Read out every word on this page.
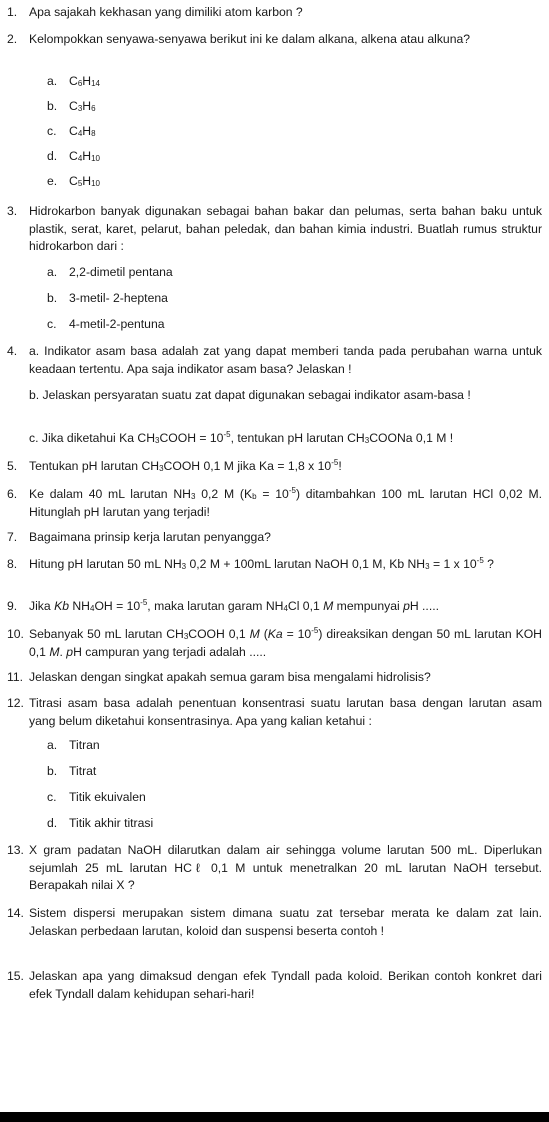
1. Apa sajakah kekhasan yang dimiliki atom karbon ?
2. Kelompokkan senyawa-senyawa berikut ini ke dalam alkana, alkena atau alkuna?
a. $C_6H_{14}$
b. $C_3H_6$
c. $C_4H_8$
d. $C_4H_{10}$
e. $C_5H_{10}$
3. Hidrokarbon banyak digunakan sebagai bahan bakar dan pelumas, serta bahan baku untuk plastik, serat, karet, pelarut, bahan peledak, dan bahan kimia industri. Buatlah rumus struktur hidrokarbon dari :
a. 2,2-dimetil pentana
b. 3-metil- 2-heptena
c. 4-metil-2-pentuna
4. a. Indikator asam basa adalah zat yang dapat memberi tanda pada perubahan warna untuk keadaan tertentu. Apa saja indikator asam basa? Jelaskan !
b. Jelaskan persyaratan suatu zat dapat digunakan sebagai indikator asam-basa !
c. Jika diketahui Ka $CH_3COOH = 10^{-5}$, tentukan pH larutan $CH_3COONa$ 0,1 M !
5. Tentukan pH larutan $CH_3COOH$ 0,1 M jika Ka = 1,8 x $10^{-5}$!
6. Ke dalam 40 mL larutan $NH_3$ 0,2 M $(K_b = 10^{-5})$ ditambahkan 100 mL larutan HCl 0,02 M. Hitunglah pH larutan yang terjadi!
7. Bagaimana prinsip kerja larutan penyangga?
8. Hitung pH larutan 50 mL $NH_3$ 0,2 M + 100mL larutan NaOH 0,1 M, Kb $NH_3 = 1$ x $10^{-5}$ ?
9. Jika Kb $NH_4OH = 10^{-5}$, maka larutan garam $NH_4Cl$ 0,1 M mempunyai pH .....
10. Sebanyak 50 mL larutan $CH_3COOH$ 0,1 M $(Ka = 10^{-5})$ direaksikan dengan 50 mL larutan KOH 0,1 M. pH campuran yang terjadi adalah .....
11. Jelaskan dengan singkat apakah semua garam bisa mengalami hidrolisis?
12. Titrasi asam basa adalah penentuan konsentrasi suatu larutan basa dengan larutan asam yang belum diketahui konsentrasinya. Apa yang kalian ketahui :
a. Titran
b. Titrat
c. Titik ekuivalen
d. Titik akhir titrasi
13. X gram padatan NaOH dilarutkan dalam air sehingga volume larutan 500 mL. Diperlukan sejumlah 25 mL larutan HCℓ 0,1 M untuk menetralkan 20 mL larutan NaOH tersebut. Berapakah nilai X ?
14. Sistem dispersi merupakan sistem dimana suatu zat tersebar merata ke dalam zat lain. Jelaskan perbedaan larutan, koloid dan suspensi beserta contoh !
15. Jelaskan apa yang dimaksud dengan efek Tyndall pada koloid. Berikan contoh konkret dari efek Tyndall dalam kehidupan sehari-hari!
